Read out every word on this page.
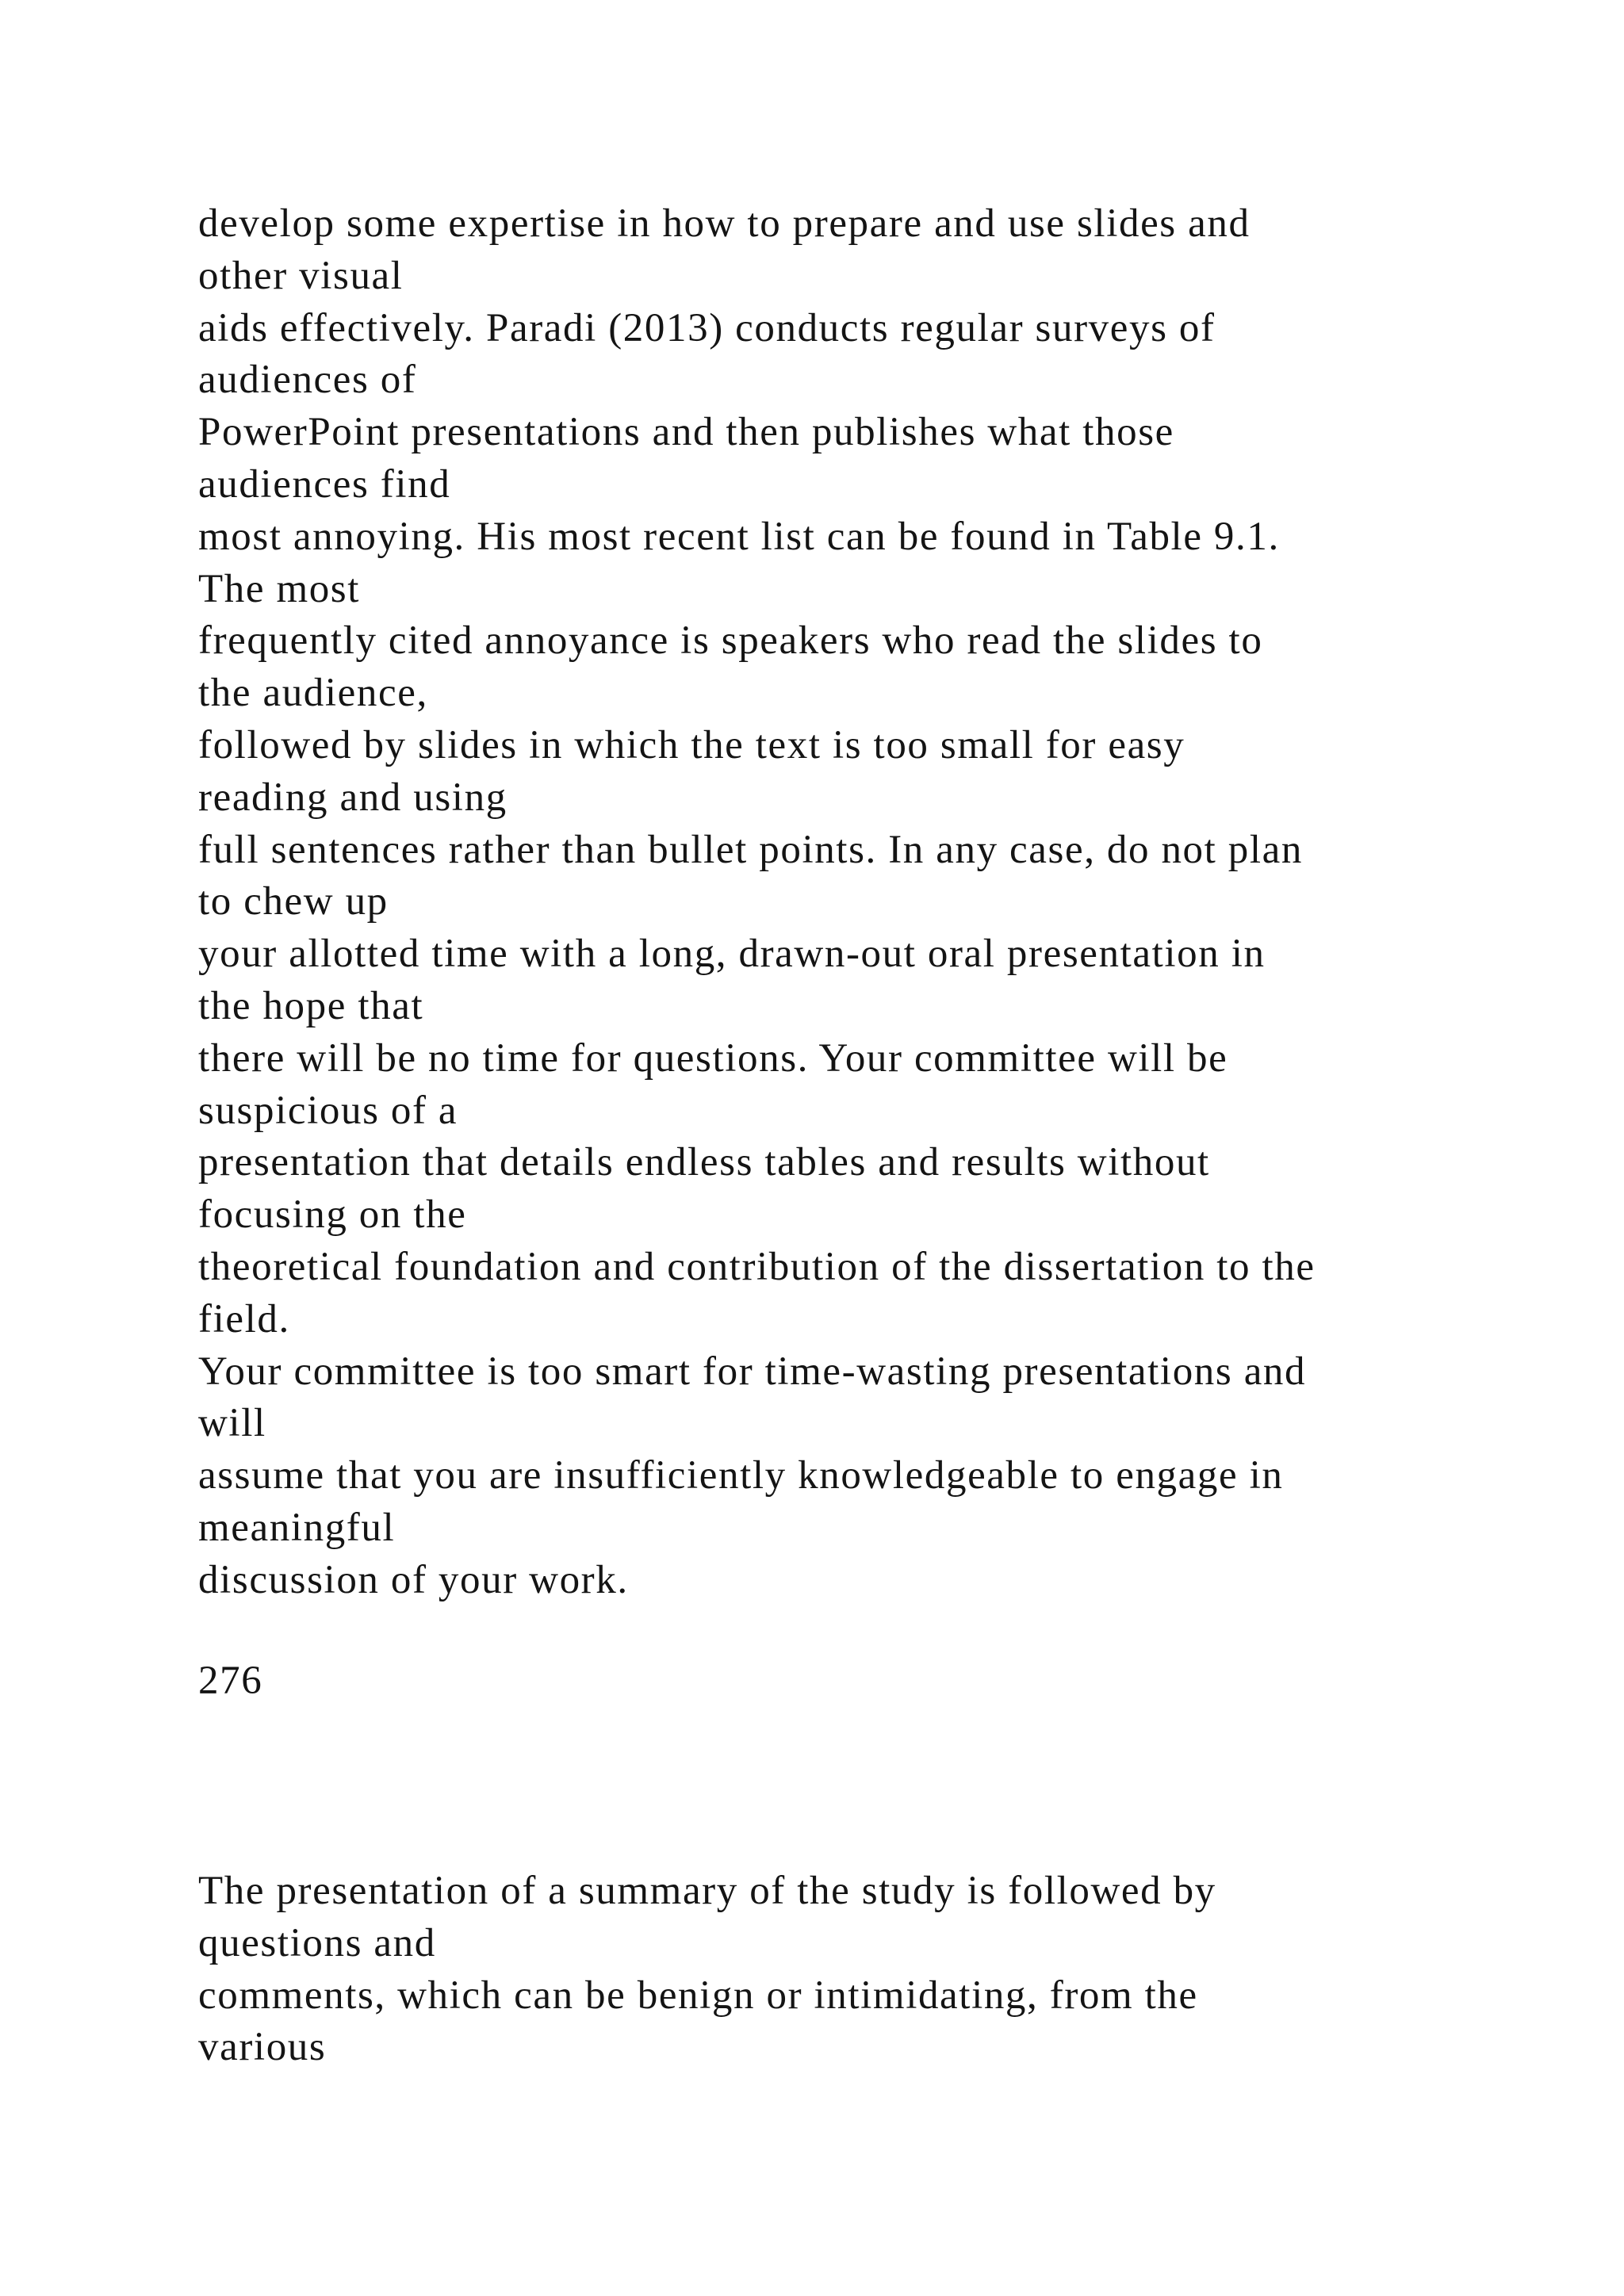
develop some expertise in how to prepare and use slides and
other visual
aids effectively. Paradi (2013) conducts regular surveys of
audiences of
PowerPoint presentations and then publishes what those
audiences find
most annoying. His most recent list can be found in Table 9.1.
The most
frequently cited annoyance is speakers who read the slides to
the audience,
followed by slides in which the text is too small for easy
reading and using
full sentences rather than bullet points. In any case, do not plan
to chew up
your allotted time with a long, drawn-out oral presentation in
the hope that
there will be no time for questions. Your committee will be
suspicious of a
presentation that details endless tables and results without
focusing on the
theoretical foundation and contribution of the dissertation to the
field.
Your committee is too smart for time-wasting presentations and
will
assume that you are insufficiently knowledgeable to engage in
meaningful
discussion of your work.
276
The presentation of a summary of the study is followed by
questions and
comments, which can be benign or intimidating, from the
various
